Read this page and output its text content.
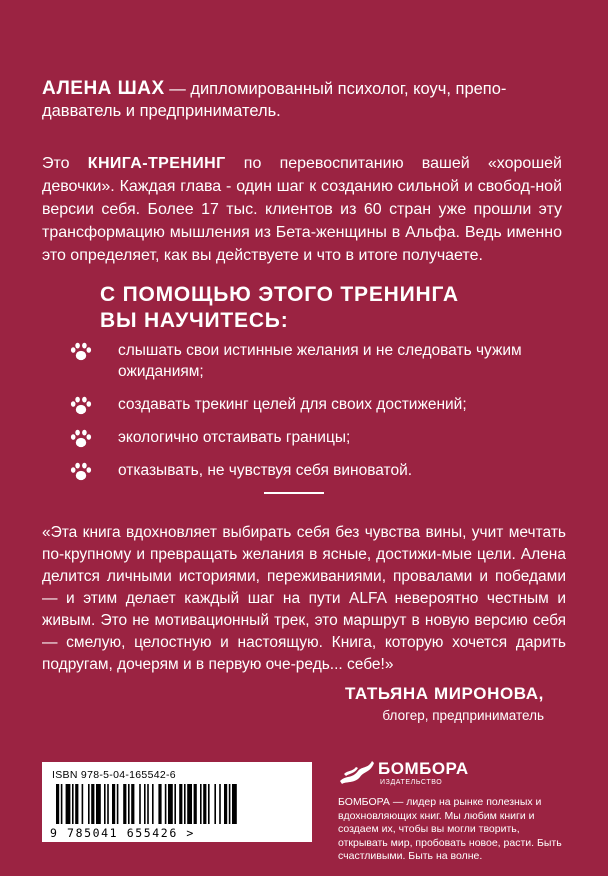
АЛЕНА ШАХ — дипломированный психолог, коуч, препо-давватель и предприниматель.

Это КНИГА-ТРЕНИНГ по перевоспитанию вашей «хорошей девочки». Каждая глава - один шаг к созданию сильной и свобод-ной версии себя. Более 17 тыс. клиентов из 60 стран уже прошли эту трансформацию мышления из Бета-женщины в Альфа. Ведь именно это определяет, как вы действуете и что в итоге получаете.

С ПОМОЩЬЮ ЭТОГО ТРЕНИНГА
ВЫ НАУЧИТЕСЬ:
слышать свои истинные желания и не следовать чужим ожиданиям;
создавать трекинг целей для своих достижений;
экологично отстаивать границы;
отказывать, не чувствуя себя виноватой.

«Эта книга вдохновляет выбирать себя без чувства вины, учит мечтать по-крупному и превращать желания в ясные, достижи-мые цели. Алена делится личными историями, переживаниями, провалами и победами — и этим делает каждый шаг на пути ALFA невероятно честным и живым. Это не мотивационный трек, это маршрут в новую версию себя — смелую, целостную и настоящую. Книга, которую хочется дарить подругам, дочерям и в первую оче-редь... себе!»

ТАТЬЯНА МИРОНОВА,
блогер, предприниматель
ISBN 978-5-04-165542-6
9 785041 655426 >
БОМБОРА
ИЗДАТЕЛЬСТВО

БОМБОРА — лидер на рынке полезных и вдохновляющих книг. Мы любим книги и создаем их, чтобы вы могли творить, открывать мир, пробовать новое, расти. Быть счастливыми. Быть на волне.
